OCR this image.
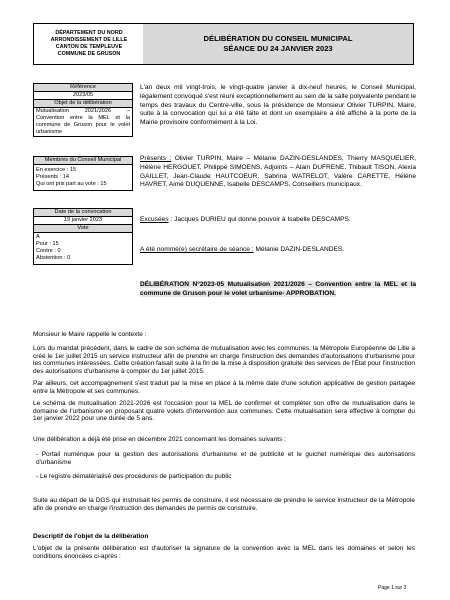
DÉPARTEMENT DU NORD
ARRONDISSEMENT DE LILLE
CANTON DE TEMPLEUVE
COMMUNE DE GRUSON
DÉLIBÉRATION DU CONSEIL MUNICIPAL
SÉANCE DU 24 JANVIER 2023
Référence
2023/05
Objet de la délibération
Mutualisation 2021/2026 – Convention entre la MEL et la commune de Gruson pour le volet urbanisme
Membres du Conseil Municipal
En exercice : 15
Présents : 14
Qui ont pris part au vote : 15
Date de la convocation
19 janvier 2023
Vote
A
Pour : 15
Contre : 0
Abstention : 0
L'an deux mil vingt-trois, le vingt-quatre janvier à dix-neuf heures, le Conseil Municipal, légalement convoqué s'est réuni exceptionnellement au sein de la salle polyvalente pendant le temps des travaux du Centre-ville, sous la présidence de Monsieur Olivier TURPIN, Maire, suite à la convocation qui lui a été faite et dont un exemplaire a été affiché à la porte de la Mairie provisoire conformément à la Loi.
Présents : Olivier TURPIN, Maire – Mélanie DAZIN-DESLANDES, Thierry MASQUELIER, Hélène HERGOUET, Philippe SIMOENS, Adjoints – Alain DUFRENE, Thibault TISON, Alexia GAILLET, Jean-Claude HAUTCOEUR, Sabrina WATRELOT, Valère CARETTE, Hélène HAVRET, Aimé DUQUENNE, Isabelle DESCAMPS, Conseillers municipaux.
Excusées : Jacques DURIEU qui donne pouvoir à Isabelle DESCAMPS.
A été nommé(e) secrétaire de séance : Mélanie DAZIN-DESLANDES.
DÉLIBÉRATION N°2023-05 Mutualisation 2021/2026 – Convention entre la MEL et la commune de Gruson pour le volet urbanisme- APPROBATION.
Monsieur le Maire rappelle le contexte :
Lors du mandat précédent, dans le cadre de son schéma de mutualisation avec les communes, la Métropole Européenne de Lille a créé le 1er juillet 2015 un service instructeur afin de prendre en charge l'instruction des demandes d'autorisations d'urbanisme pour les communes intéressées. Cette création faisait suite à la fin de la mise à disposition gratuite des services de l'État pour l'instruction des autorisations d'urbanisme à compter du 1er juillet 2015.
Par ailleurs, cet accompagnement s'est traduit par la mise en place à la même date d'une solution applicative de gestion partagée entre la Métropole et ses communes.
Le schéma de mutualisation 2021-2026 est l'occasion pour la MEL de confirmer et compléter son offre de mutualisation dans le domaine de l'urbanisme en proposant quatre volets d'intervention aux communes. Cette mutualisation sera effective à compter du 1er janvier 2022 pour une durée de 5 ans.
Une délibération a déjà été prise en décembre 2021 concernant les domaines suivants :
- Portail numérique pour la gestion des autorisations d'urbanisme et de publicité et le guichet numérique des autorisations d'urbanisme
- Le registre dématérialisé des procédures de participation du public
Suite au départ de la DGS qui instruisait les permis de construire, il est nécessaire de prendre le service instructeur de la Métropole afin de prendre en charge l'instruction des demandes de permis de construire.
Descriptif de l'objet de la délibération
L'objet de la présente délibération est d'autoriser la signature de la convention avec la MEL dans les domaines et selon les conditions énoncées ci-après :
Page 1 sur 3
